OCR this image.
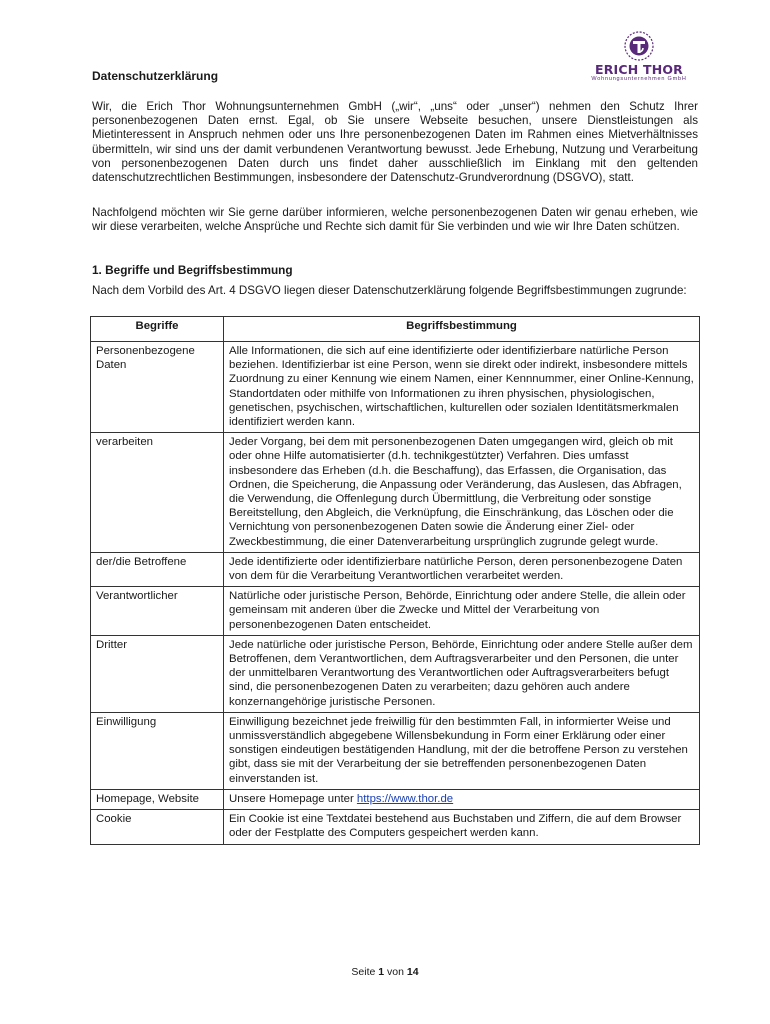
ERICH THOR
Wohnungsunternehmen GmbH
Datenschutzerklärung
Wir, die Erich Thor Wohnungsunternehmen GmbH („wir“, „uns“ oder „unser“) nehmen den Schutz Ihrer personenbezogenen Daten ernst. Egal, ob Sie unsere Webseite besuchen, unsere Dienstleistungen als Mietinteressent in Anspruch nehmen oder uns Ihre personenbezogenen Daten im Rahmen eines Mietverhältnisses übermitteln, wir sind uns der damit verbundenen Verantwortung bewusst. Jede Erhebung, Nutzung und Verarbeitung von personenbezogenen Daten durch uns findet daher ausschließlich im Einklang mit den geltenden datenschutzrechtlichen Bestimmungen, insbesondere der Datenschutz-Grundverordnung (DSGVO), statt.
Nachfolgend möchten wir Sie gerne darüber informieren, welche personenbezogenen Daten wir genau erheben, wie wir diese verarbeiten, welche Ansprüche und Rechte sich damit für Sie verbinden und wie wir Ihre Daten schützen.
1. Begriffe und Begriffsbestimmung
Nach dem Vorbild des Art. 4 DSGVO liegen dieser Datenschutzerklärung folgende Begriffsbestimmungen zugrunde:
Begriffe	Begriffsbestimmung
Personenbezogene Daten	Alle Informationen, die sich auf eine identifizierte oder identifizierbare natürliche Person beziehen. Identifizierbar ist eine Person, wenn sie direkt oder indirekt, insbesondere mittels Zuordnung zu einer Kennung wie einem Namen, einer Kennnummer, einer Online-Kennung, Standortdaten oder mithilfe von Informationen zu ihren physischen, physiologischen, genetischen, psychischen, wirtschaftlichen, kulturellen oder sozialen Identitätsmerkmalen identifiziert werden kann.
verarbeiten	Jeder Vorgang, bei dem mit personenbezogenen Daten umgegangen wird, gleich ob mit oder ohne Hilfe automatisierter (d.h. technikgestützter) Verfahren. Dies umfasst insbesondere das Erheben (d.h. die Beschaffung), das Erfassen, die Organisation, das Ordnen, die Speicherung, die Anpassung oder Veränderung, das Auslesen, das Abfragen, die Verwendung, die Offenlegung durch Übermittlung, die Verbreitung oder sonstige Bereitstellung, den Abgleich, die Verknüpfung, die Einschränkung, das Löschen oder die Vernichtung von personenbezogenen Daten sowie die Änderung einer Ziel- oder Zweckbestimmung, die einer Datenverarbeitung ursprünglich zugrunde gelegt wurde.
der/die Betroffene	Jede identifizierte oder identifizierbare natürliche Person, deren personenbezogene Daten von dem für die Verarbeitung Verantwortlichen verarbeitet werden.
Verantwortlicher	Natürliche oder juristische Person, Behörde, Einrichtung oder andere Stelle, die allein oder gemeinsam mit anderen über die Zwecke und Mittel der Verarbeitung von personenbezogenen Daten entscheidet.
Dritter	Jede natürliche oder juristische Person, Behörde, Einrichtung oder andere Stelle außer dem Betroffenen, dem Verantwortlichen, dem Auftragsverarbeiter und den Personen, die unter der unmittelbaren Verantwortung des Verantwortlichen oder Auftragsverarbeiters befugt sind, die personenbezogenen Daten zu verarbeiten; dazu gehören auch andere konzernangehörige juristische Personen.
Einwilligung	Einwilligung bezeichnet jede freiwillig für den bestimmten Fall, in informierter Weise und unmissverständlich abgegebene Willensbekundung in Form einer Erklärung oder einer sonstigen eindeutigen bestätigenden Handlung, mit der die betroffene Person zu verstehen gibt, dass sie mit der Verarbeitung der sie betreffenden personenbezogenen Daten einverstanden ist.
Homepage, Website	Unsere Homepage unter https://www.thor.de
Cookie	Ein Cookie ist eine Textdatei bestehend aus Buchstaben und Ziffern, die auf dem Browser oder der Festplatte des Computers gespeichert werden kann.
Seite 1 von 14
